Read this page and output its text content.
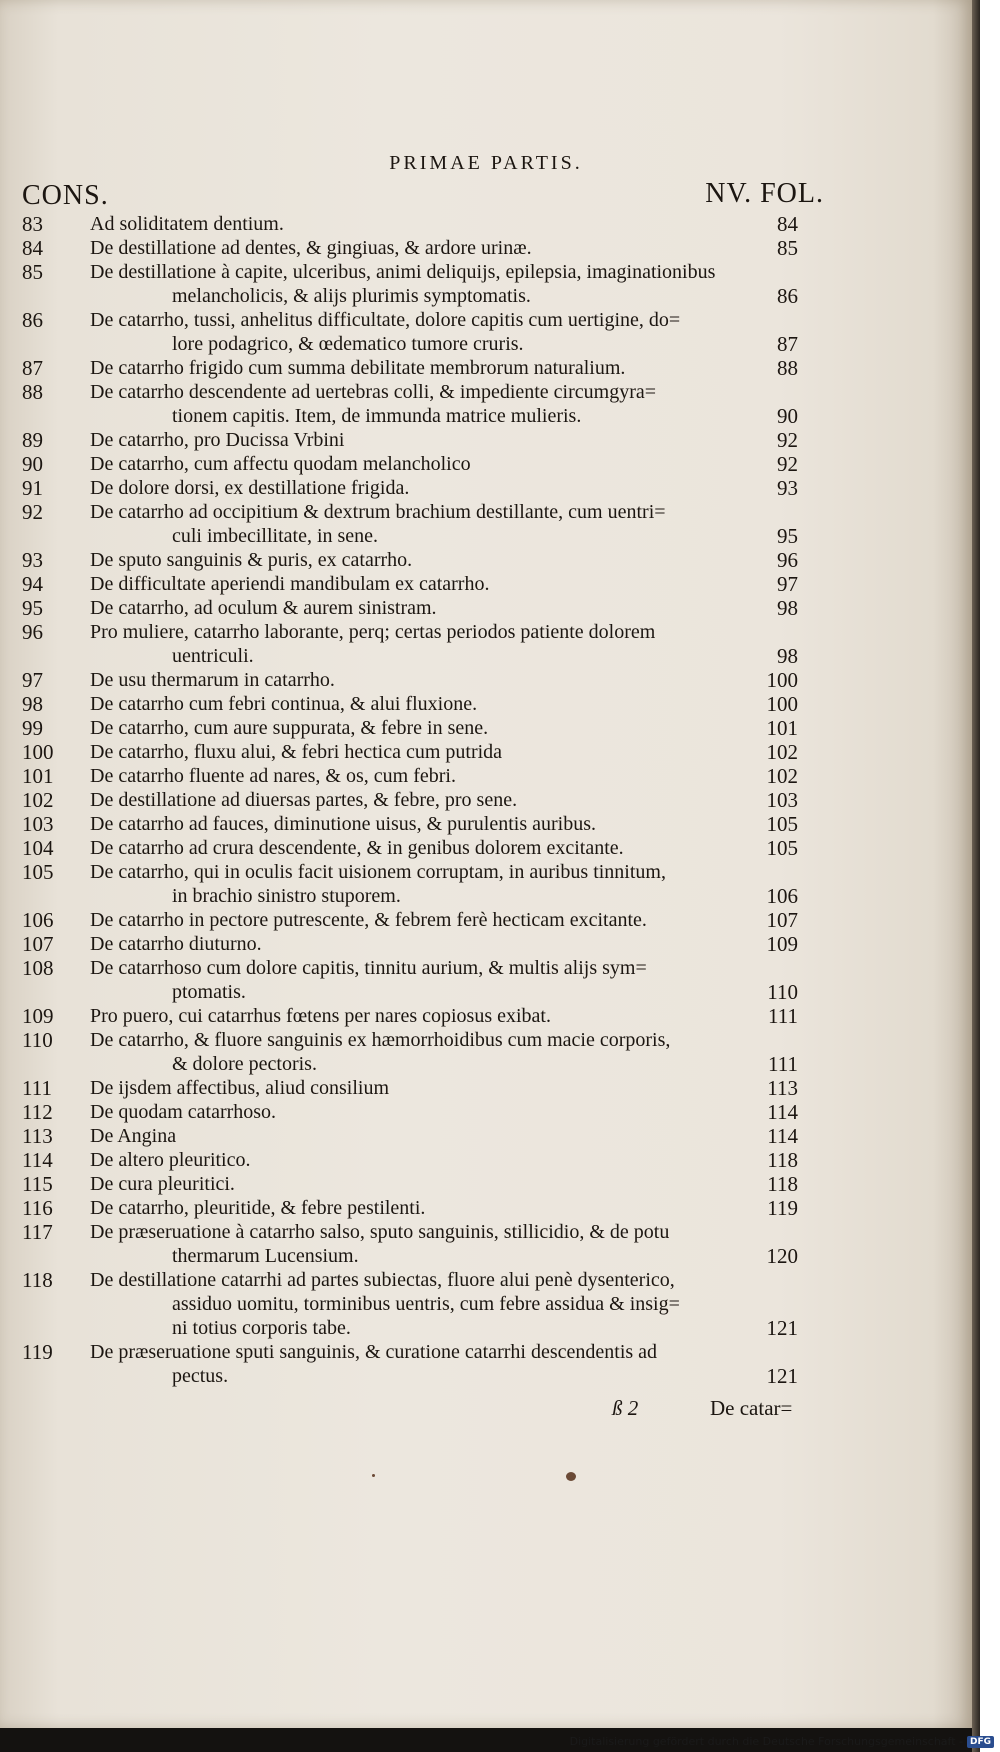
PRIMAE PARTIS.
CONS.	NV. FOL.
83	Ad soliditatem dentium.	84
84	De destillatione ad dentes, & gingiuas, & ardore urinæ.	85
85	De destillatione à capite, ulceribus, animi deliquijs, epilepsia, imaginationibus

melancholicis, & alijs plurimis symptomatis.	86
86	De catarrho, tussi, anhelitus difficultate, dolore capitis cum uertigine, do=

lore podagrico, & œdematico tumore cruris.	87
87	De catarrho frigido cum summa debilitate membrorum naturalium.	88
88	De catarrho descendente ad uertebras colli, & impediente circumgyra=

tionem capitis. Item, de immunda matrice mulieris.	90
89	De catarrho, pro Ducissa Vrbini	92
90	De catarrho, cum affectu quodam melancholico	92
91	De dolore dorsi, ex destillatione frigida.	93
92	De catarrho ad occipitium & dextrum brachium destillante, cum uentri=

culi imbecillitate, in sene.	95
93	De sputo sanguinis & puris, ex catarrho.	96
94	De difficultate aperiendi mandibulam ex catarrho.	97
95	De catarrho, ad oculum & aurem sinistram.	98
96	Pro muliere, catarrho laborante, perq; certas periodos patiente dolorem

uentriculi.	98
97	De usu thermarum in catarrho.	100
98	De catarrho cum febri continua, & alui fluxione.	100
99	De catarrho, cum aure suppurata, & febre in sene.	101
100	De catarrho, fluxu alui, & febri hectica cum putrida	102
101	De catarrho fluente ad nares, & os, cum febri.	102
102	De destillatione ad diuersas partes, & febre, pro sene.	103
103	De catarrho ad fauces, diminutione uisus, & purulentis auribus.	105
104	De catarrho ad crura descendente, & in genibus dolorem excitante.	105
105	De catarrho, qui in oculis facit uisionem corruptam, in auribus tinnitum,

in brachio sinistro stuporem.	106
106	De catarrho in pectore putrescente, & febrem ferè hecticam excitante.	107
107	De catarrho diuturno.	109
108	De catarrhoso cum dolore capitis, tinnitu aurium, & multis alijs sym=

ptomatis.	110
109	Pro puero, cui catarrhus fœtens per nares copiosus exibat.	111
110	De catarrho, & fluore sanguinis ex hæmorrhoidibus cum macie corporis,

& dolore pectoris.	111
111	De ijsdem affectibus, aliud consilium	113
112	De quodam catarrhoso.	114
113	De Angina	114
114	De altero pleuritico.	118
115	De cura pleuritici.	118
116	De catarrho, pleuritide, & febre pestilenti.	119
117	De præseruatione à catarrho salso, sputo sanguinis, stillicidio, & de potu

thermarum Lucensium.	120
118	De destillatione catarrhi ad partes subiectas, fluore alui penè dysenterico,

assiduo uomitu, torminibus uentris, cum febre assidua & insig=
ni totius corporis tabe.	121
119	De præseruatione sputi sanguinis, & curatione catarrhi descendentis ad

pectus.	121
ß 2	De catar=
Digitalisierung gefördert durch die Deutsche Forschungsgemeinschaft - DFG
